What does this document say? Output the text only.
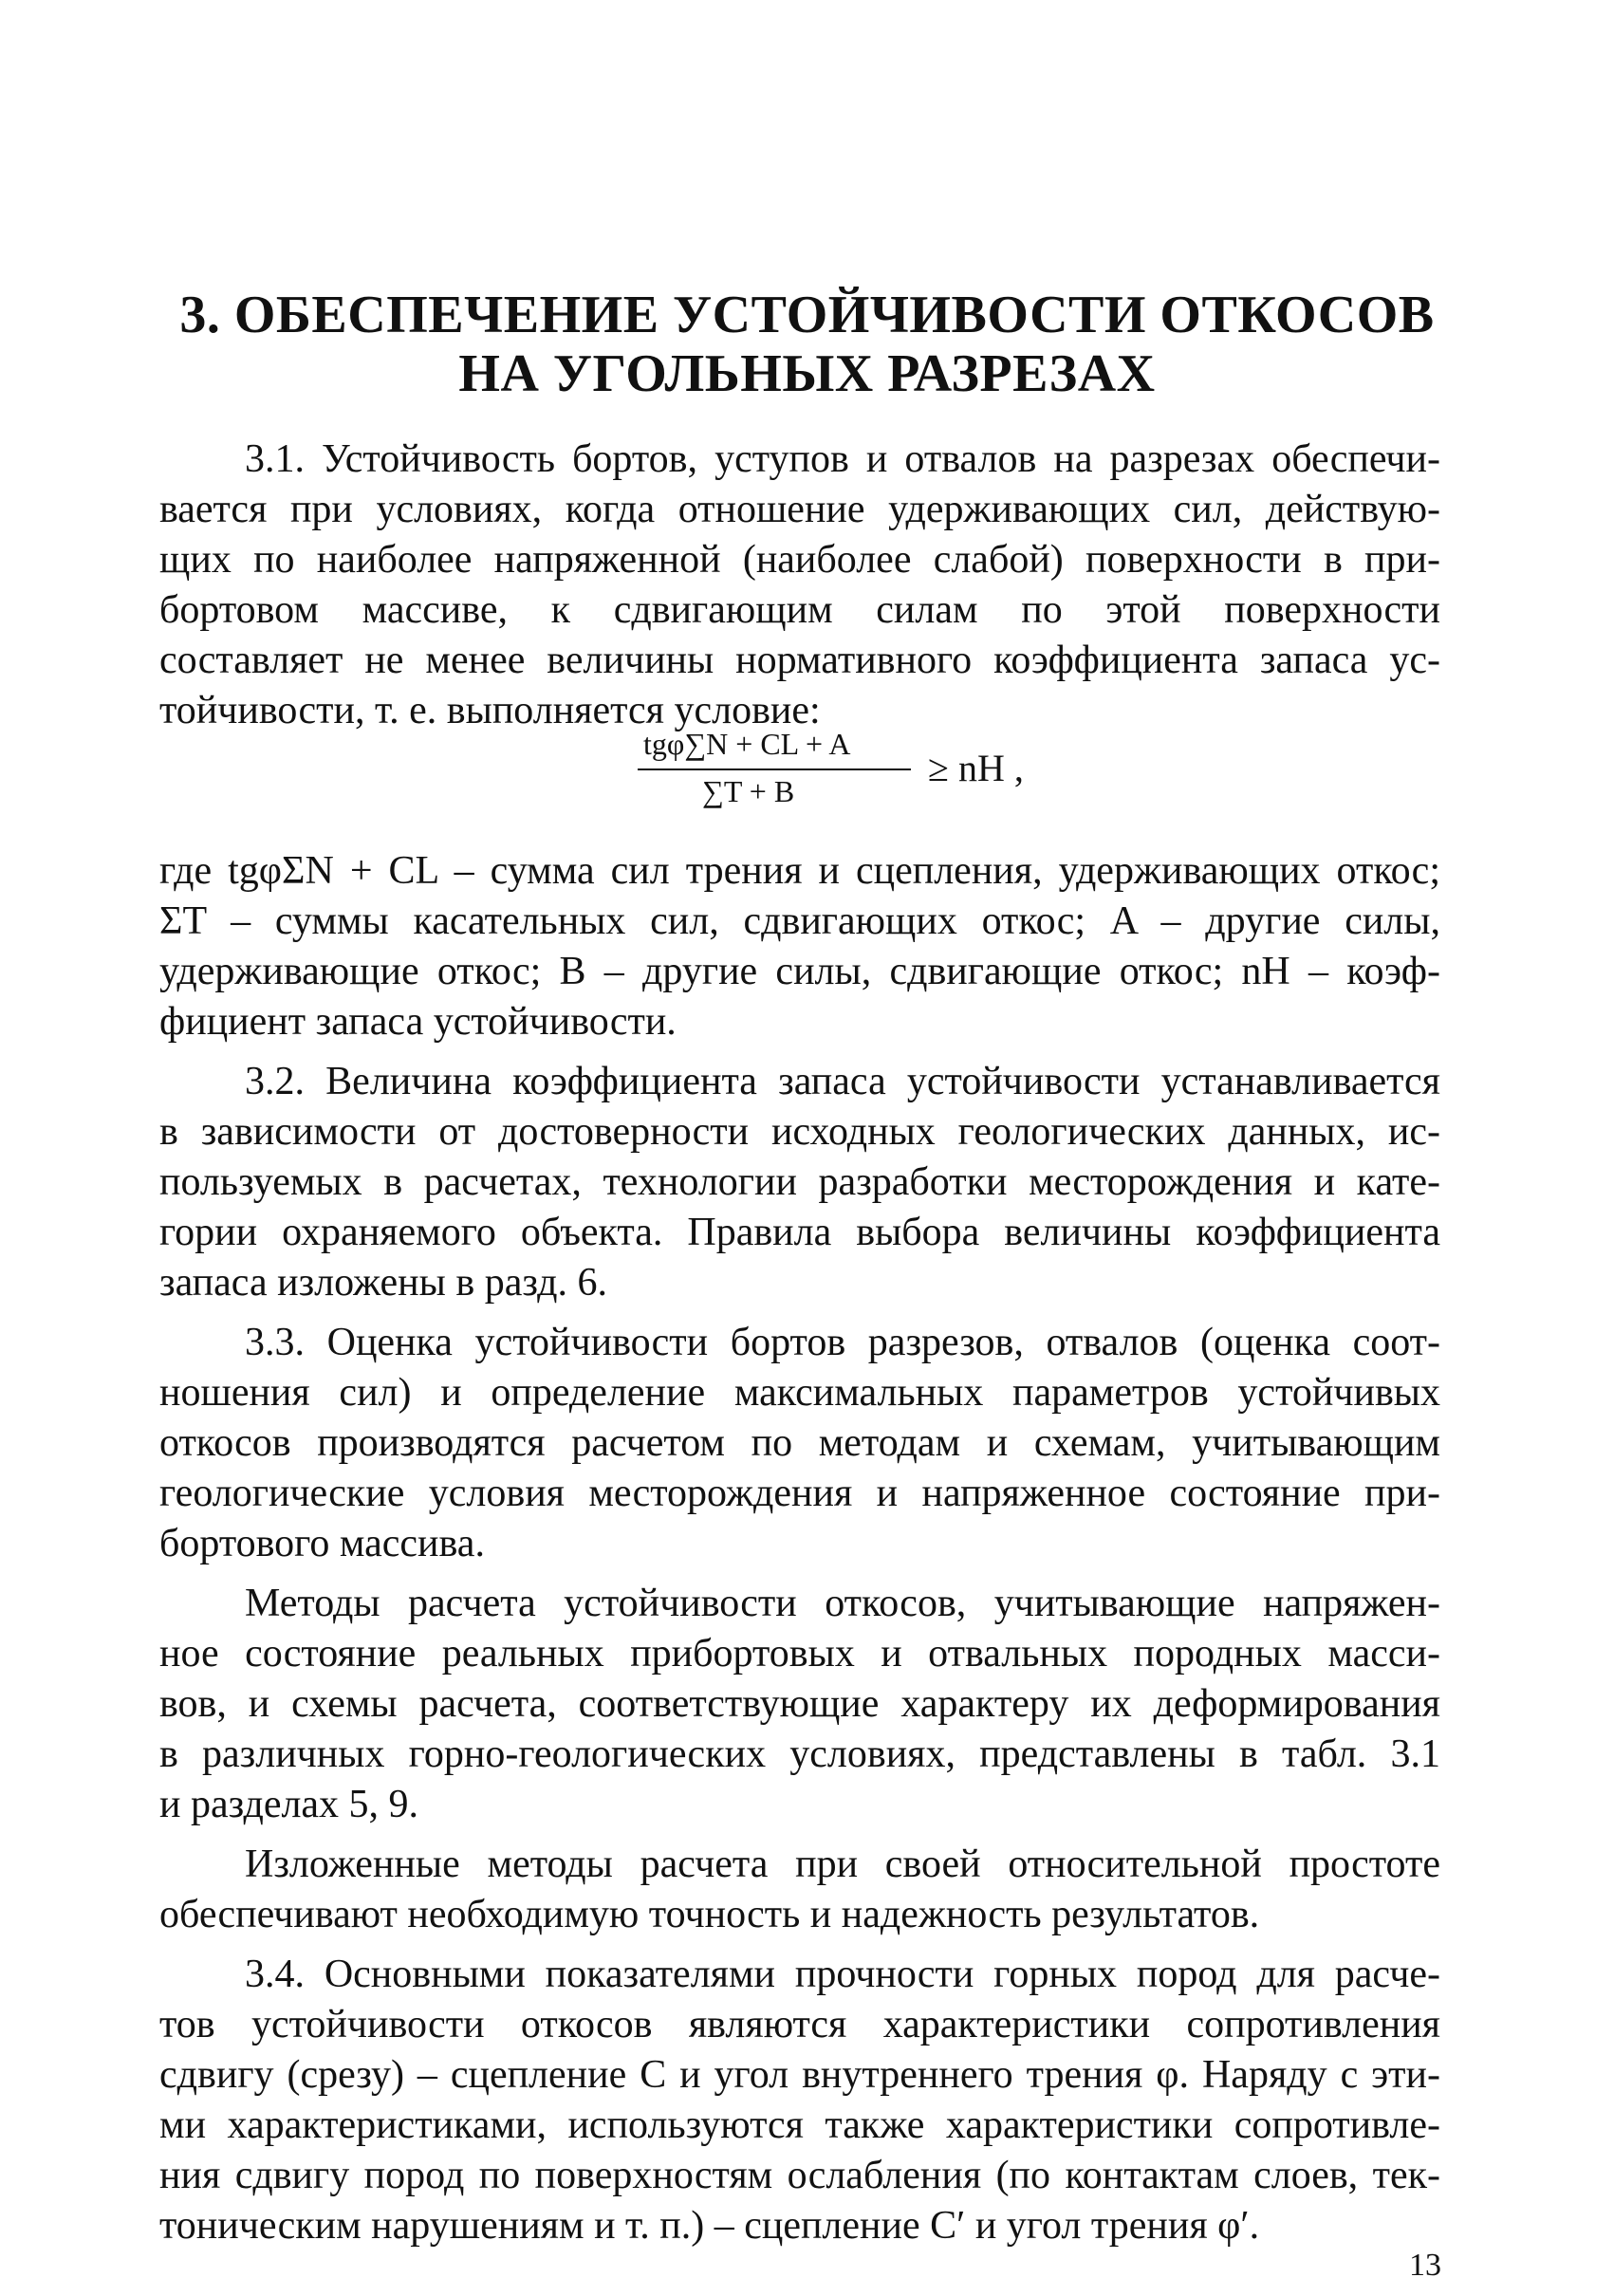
3. ОБЕСПЕЧЕНИЕ УСТОЙЧИВОСТИ ОТКОСОВ
НА УГОЛЬНЫХ РАЗРЕЗАХ
3.1. Устойчивость бортов, уступов и отвалов на разрезах обеспечи-
вается при условиях, когда отношение удерживающих сил, действую-
щих по наиболее напряженной (наиболее слабой) поверхности в при-
бортовом массиве, к сдвигающим силам по этой поверхности
составляет не менее величины нормативного коэффициента запаса ус-
тойчивости, т. е. выполняется условие:
tgφ∑N + CL + A
∑T + B
≥ nН ,
где tgφΣN + CL – сумма сил трения и сцепления, удерживающих откос;
ΣT – суммы касательных сил, сдвигающих откос; A – другие силы,
удерживающие откос; B – другие силы, сдвигающие откос; nН – коэф-
фициент запаса устойчивости.
3.2. Величина коэффициента запаса устойчивости устанавливается
в зависимости от достоверности исходных геологических данных, ис-
пользуемых в расчетах, технологии разработки месторождения и кате-
гории охраняемого объекта. Правила выбора величины коэффициента
запаса изложены в разд. 6.
3.3. Оценка устойчивости бортов разрезов, отвалов (оценка соот-
ношения сил) и определение максимальных параметров устойчивых
откосов производятся расчетом по методам и схемам, учитывающим
геологические условия месторождения и напряженное состояние при-
бортового массива.
Методы расчета устойчивости откосов, учитывающие напряжен-
ное состояние реальных прибортовых и отвальных породных масси-
вов, и схемы расчета, соответствующие характеру их деформирования
в различных горно-геологических условиях, представлены в табл. 3.1
и разделах 5, 9.
Изложенные методы расчета при своей относительной простоте
обеспечивают необходимую точность и надежность результатов.
3.4. Основными показателями прочности горных пород для расче-
тов устойчивости откосов являются характеристики сопротивления
сдвигу (срезу) – сцепление C и угол внутреннего трения φ. Наряду с эти-
ми характеристиками, используются также характеристики сопротивле-
ния сдвигу пород по поверхностям ослабления (по контактам слоев, тек-
тоническим нарушениям и т. п.) – сцепление C′ и угол трения φ′.
13
